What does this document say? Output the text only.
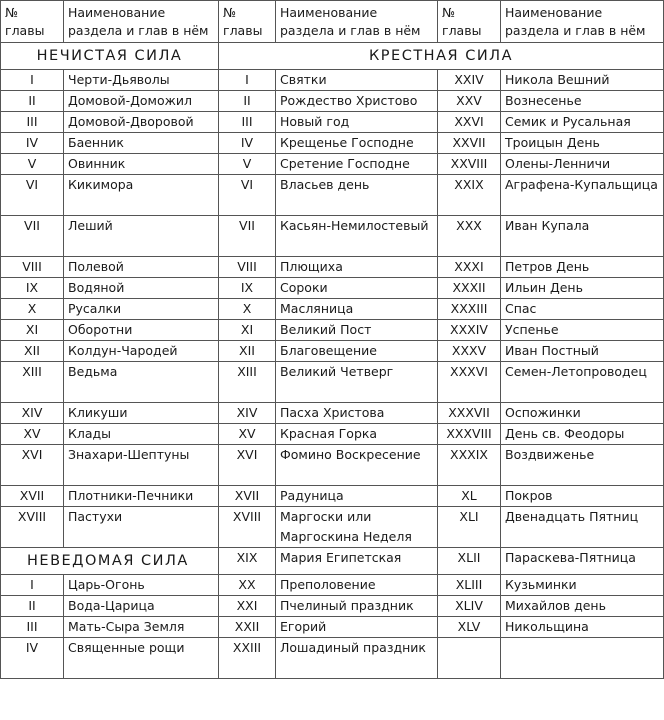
№ главы	Наименование раздела и глав в нём	№ главы	Наименование раздела и глав в нём	№ главы	Наименование раздела и глав в нём
НЕЧИСТАЯ СИЛА		КРЕСТНАЯ СИЛА			
I	Черти-Дьяволы	I	Святки	XXIV	Никола Вешний
II	Домовой-Доможил	II	Рождество Христово	XXV	Вознесенье
III	Домовой-Дворовой	III	Новый год	XXVI	Семик и Русальная
IV	Баенник	IV	Крещенье Господне	XXVII	Троицын День
V	Овинник	V	Сретение Господне	XXVIII	Олены-Ленничи
VI	Кикимора	VI	Власьев день	XXIX	Аграфена-Купальщица
VII	Леший	VII	Касьян-Немилостевый	XXX	Иван Купала
VIII	Полевой	VIII	Плющиха	XXXI	Петров День
IX	Водяной	IX	Сороки	XXXII	Ильин День
X	Русалки	X	Масляница	XXXIII	Спас
XI	Оборотни	XI	Великий Пост	XXXIV	Успенье
XII	Колдун-Чародей	XII	Благовещение	XXXV	Иван Постный
XIII	Ведьма	XIII	Великий Четверг	XXXVI	Семен-Летопроводец
XIV	Кликуши	XIV	Пасха Христова	XXXVII	Оспожинки
XV	Клады	XV	Красная Горка	XXXVIII	День св. Феодоры
XVI	Знахари-Шептуны	XVI	Фомино Воскресение	XXXIX	Воздвиженье
XVII	Плотники-Печники	XVII	Радуница	XL	Покров
XVIII	Пастухи	XVIII	Маргоски или Маргоскина Неделя	XLI	Двенадцать Пятниц
НЕВЕДОМАЯ СИЛА		XIX	Мария Египетская	XLII	Параскева-Пятница
I	Царь-Огонь	XX	Преполовение	XLIII	Кузьминки
II	Вода-Царица	XXI	Пчелиный праздник	XLIV	Михайлов день
III	Мать-Сыра Земля	XXII	Егорий	XLV	Никольщина
IV	Священные рощи	XXIII	Лошадиный праздник		
